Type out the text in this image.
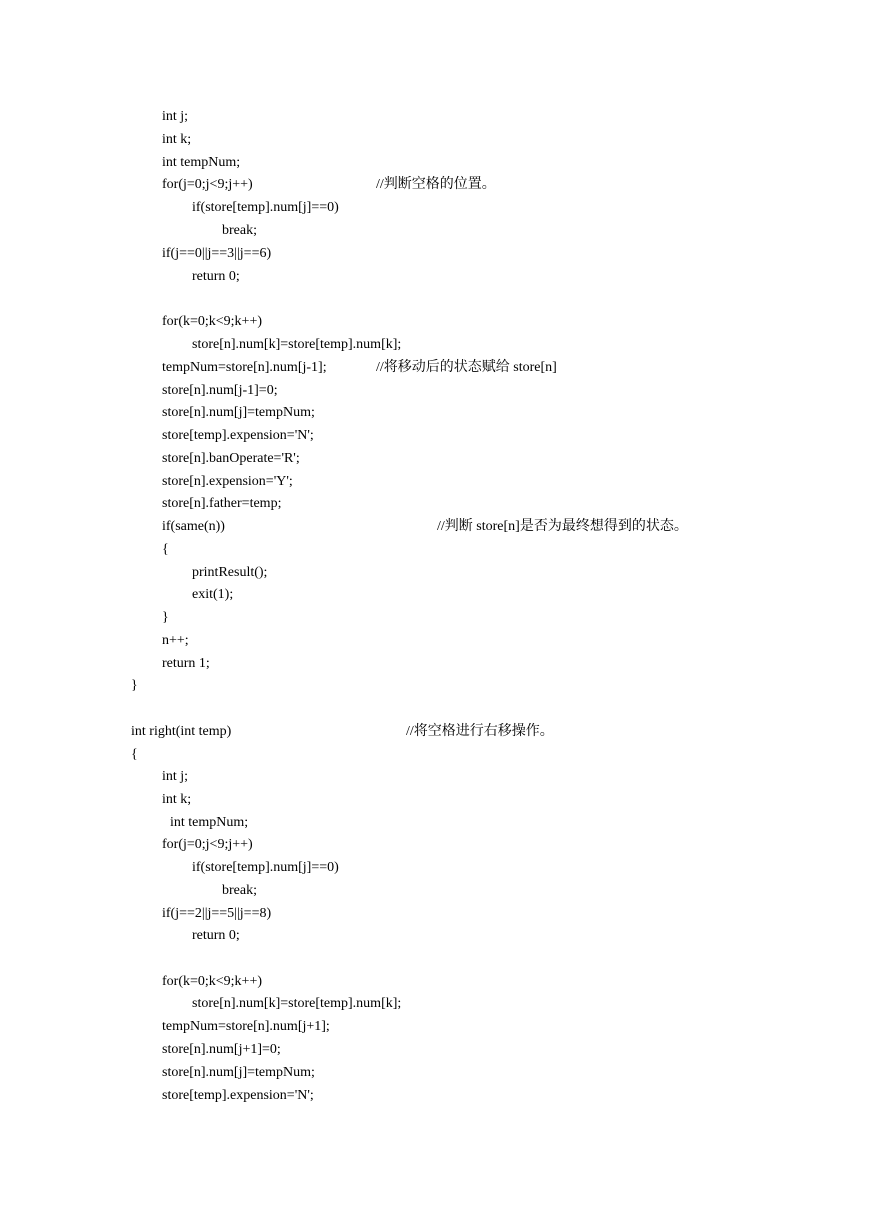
int j;
int k;
int tempNum;
for(j=0;j<9;j++)	//判断空格的位置。
if(store[temp].num[j]==0)
break;
if(j==0||j==3||j==6)
return 0;
for(k=0;k<9;k++)
store[n].num[k]=store[temp].num[k];
tempNum=store[n].num[j-1];	//将移动后的状态赋给 store[n]
store[n].num[j-1]=0;
store[n].num[j]=tempNum;
store[temp].expension='N';
store[n].banOperate='R';
store[n].expension='Y';
store[n].father=temp;
if(same(n))	//判断 store[n]是否为最终想得到的状态。
{
printResult();
exit(1);
}
n++;
return 1;
}
int right(int temp)	//将空格进行右移操作。
{
int j;
int k;
int tempNum;
for(j=0;j<9;j++)
if(store[temp].num[j]==0)
break;
if(j==2||j==5||j==8)
return 0;
for(k=0;k<9;k++)
store[n].num[k]=store[temp].num[k];
tempNum=store[n].num[j+1];
store[n].num[j+1]=0;
store[n].num[j]=tempNum;
store[temp].expension='N';
